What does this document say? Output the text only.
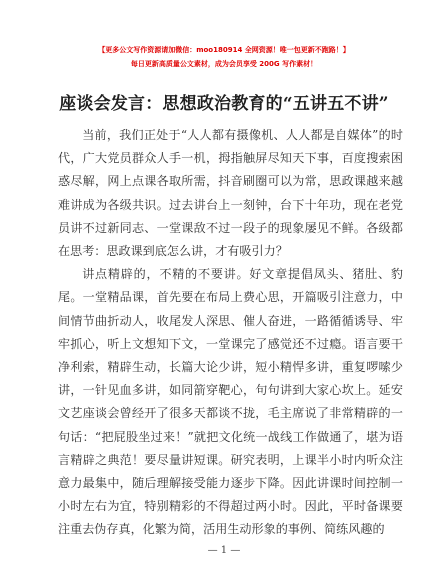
【更多公文写作资源请加微信：moo180914 全网资源！唯一包更新不跑路！】
每日更新高质量公文素材，成为会员享受 200G 写作素材！
座谈会发言：思想政治教育的“五讲五不讲”

当前，我们正处于“人人都有摄像机、人人都是自媒体”的时代，广大党员群众人手一机，拇指触屏尽知天下事，百度搜索困惑尽解，网上点课各取所需，抖音刷圈可以为常，思政课越来越难讲成为各级共识。过去讲台上一刻钟，台下十年功，现在老党员讲不过新同志、一堂课敌不过一段子的现象屡见不鲜。各级都在思考：思政课到底怎么讲，才有吸引力？

讲点精辟的，不精的不要讲。好文章提倡凤头、猪肚、豹尾。一堂精品课，首先要在布局上费心思，开篇吸引注意力，中间情节曲折动人，收尾发人深思、催人奋进，一路循循诱导、牢牢抓心，听上文想知下文，一堂课完了感觉还不过瘾。语言要干净利索，精辟生动，长篇大论少讲，短小精悍多讲，重复啰嗦少讲，一针见血多讲，如同箭穿靶心，句句讲到大家心坎上。延安文艺座谈会曾经开了很多天都谈不拢，毛主席说了非常精辟的一句话：“把屁股坐过来！”就把文化统一战线工作做通了，堪为语言精辟之典范！要尽量讲短课。研究表明，上课半小时内听众注意力最集中，随后理解接受能力逐步下降。因此讲课时间控制一小时左右为宜，特别精彩的不得超过两小时。因此，平时备课要注重去伪存真，化繁为简，活用生动形象的事例、简练风趣的

— 1 —
